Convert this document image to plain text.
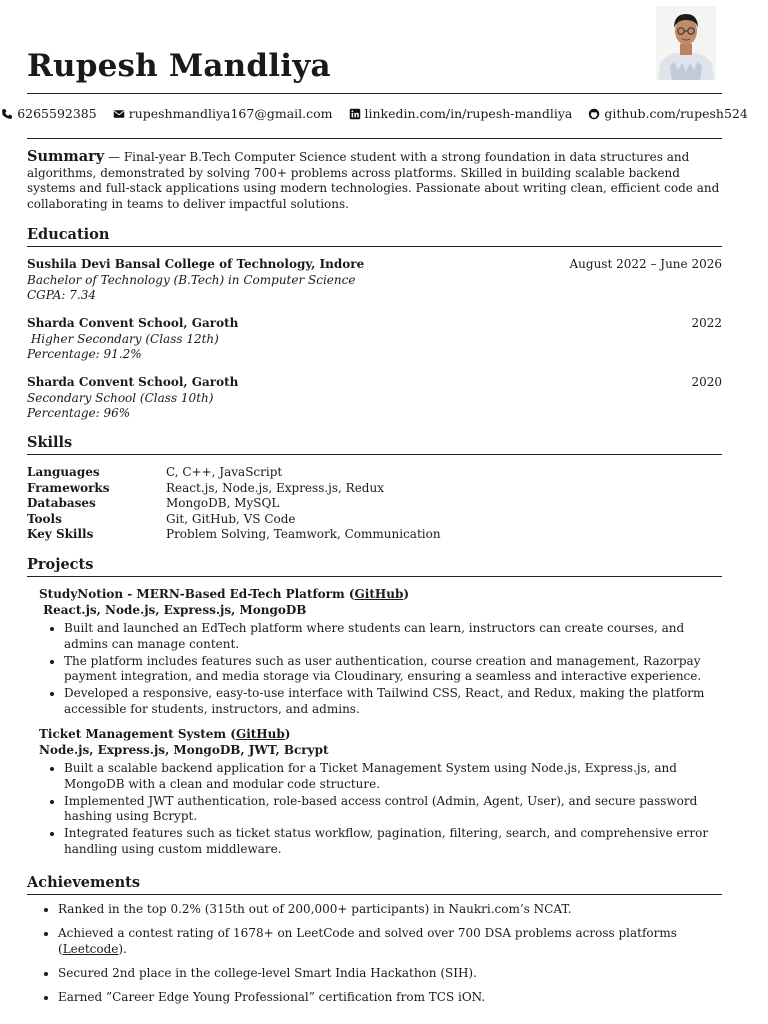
Rupesh Mandliya
6265592385	rupeshmandliya167@gmail.com	linkedin.com/in/rupesh-mandliya	github.com/rupesh524
Summary — Final-year B.Tech Computer Science student with a strong foundation in data structures and algorithms, demonstrated by solving 700+ problems across platforms. Skilled in building scalable backend systems and full-stack applications using modern technologies. Passionate about writing clean, efficient code and collaborating in teams to deliver impactful solutions.
Education
Sushila Devi Bansal College of Technology, Indore	August 2022 – June 2026
Bachelor of Technology (B.Tech) in Computer Science
CGPA: 7.34
Sharda Convent School, Garoth	2022
Higher Secondary (Class 12th)
Percentage: 91.2%
Sharda Convent School, Garoth	2020
Secondary School (Class 10th)
Percentage: 96%
Skills
Languages	C, C++, JavaScript
Frameworks	React.js, Node.js, Express.js, Redux
Databases	MongoDB, MySQL
Tools	Git, GitHub, VS Code
Key Skills	Problem Solving, Teamwork, Communication
Projects
StudyNotion - MERN-Based Ed-Tech Platform (GitHub)
React.js, Node.js, Express.js, MongoDB
• Built and launched an EdTech platform where students can learn, instructors can create courses, and admins can manage content.
• The platform includes features such as user authentication, course creation and management, Razorpay payment integration, and media storage via Cloudinary, ensuring a seamless and interactive experience.
• Developed a responsive, easy-to-use interface with Tailwind CSS, React, and Redux, making the platform accessible for students, instructors, and admins.
Ticket Management System (GitHub)
Node.js, Express.js, MongoDB, JWT, Bcrypt
• Built a scalable backend application for a Ticket Management System using Node.js, Express.js, and MongoDB with a clean and modular code structure.
• Implemented JWT authentication, role-based access control (Admin, Agent, User), and secure password hashing using Bcrypt.
• Integrated features such as ticket status workflow, pagination, filtering, search, and comprehensive error handling using custom middleware.
Achievements
• Ranked in the top 0.2% (315th out of 200,000+ participants) in Naukri.com’s NCAT.
• Achieved a contest rating of 1678+ on LeetCode and solved over 700 DSA problems across platforms (Leetcode).
• Secured 2nd place in the college-level Smart India Hackathon (SIH).
• Earned ”Career Edge Young Professional” certification from TCS iON.
